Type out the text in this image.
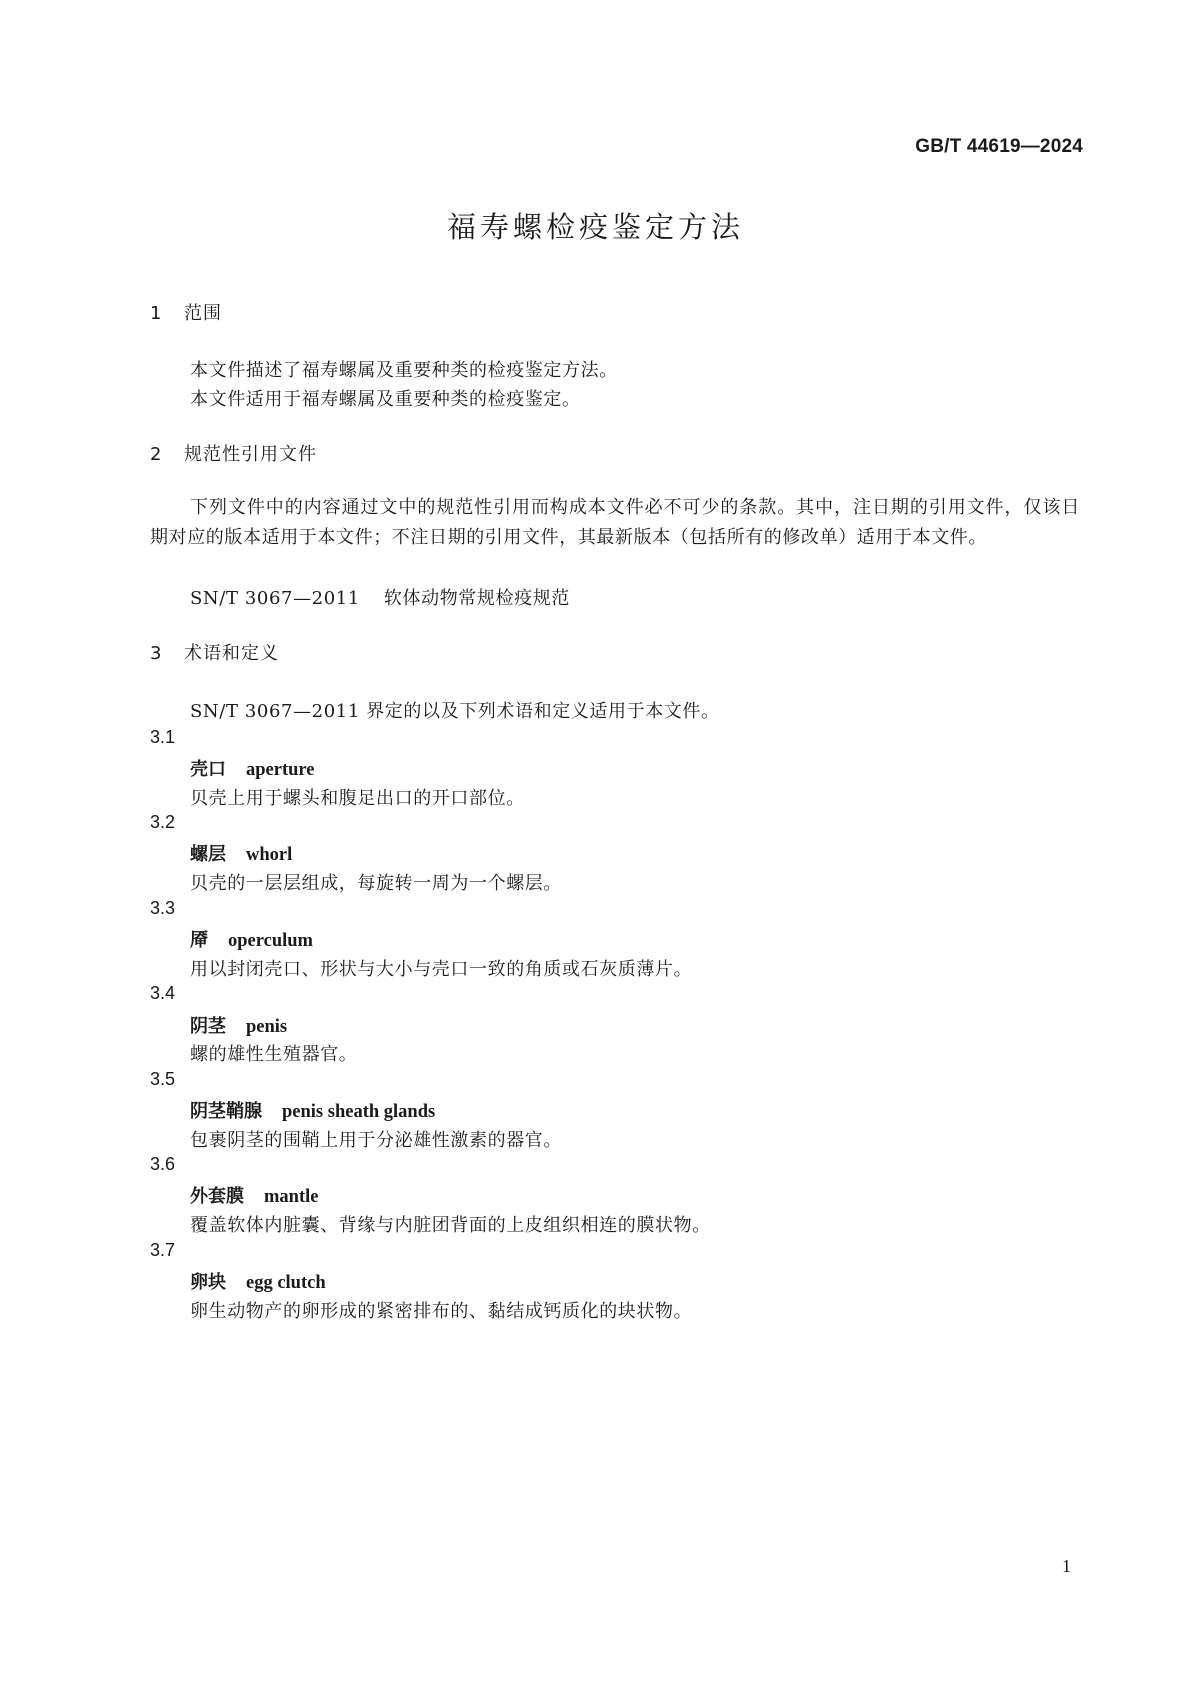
GB/T 44619—2024
福寿螺检疫鉴定方法
1 范围
本文件描述了福寿螺属及重要种类的检疫鉴定方法。
本文件适用于福寿螺属及重要种类的检疫鉴定。
2 规范性引用文件
下列文件中的内容通过文中的规范性引用而构成本文件必不可少的条款。其中，注日期的引用文件，仅该日期对应的版本适用于本文件；不注日期的引用文件，其最新版本（包括所有的修改单）适用于本文件。
SN/T 3067—2011 软体动物常规检疫规范
3 术语和定义
SN/T 3067—2011 界定的以及下列术语和定义适用于本文件。
3.1
壳口 aperture
贝壳上用于螺头和腹足出口的开口部位。
3.2
螺层 whorl
贝壳的一层层组成，每旋转一周为一个螺层。
3.3
厣 operculum
用以封闭壳口、形状与大小与壳口一致的角质或石灰质薄片。
3.4
阴茎 penis
螺的雄性生殖器官。
3.5
阴茎鞘腺 penis sheath glands
包裹阴茎的围鞘上用于分泌雄性激素的器官。
3.6
外套膜 mantle
覆盖软体内脏囊、背缘与内脏团背面的上皮组织相连的膜状物。
3.7
卵块 egg clutch
卵生动物产的卵形成的紧密排布的、黏结成钙质化的块状物。
1
